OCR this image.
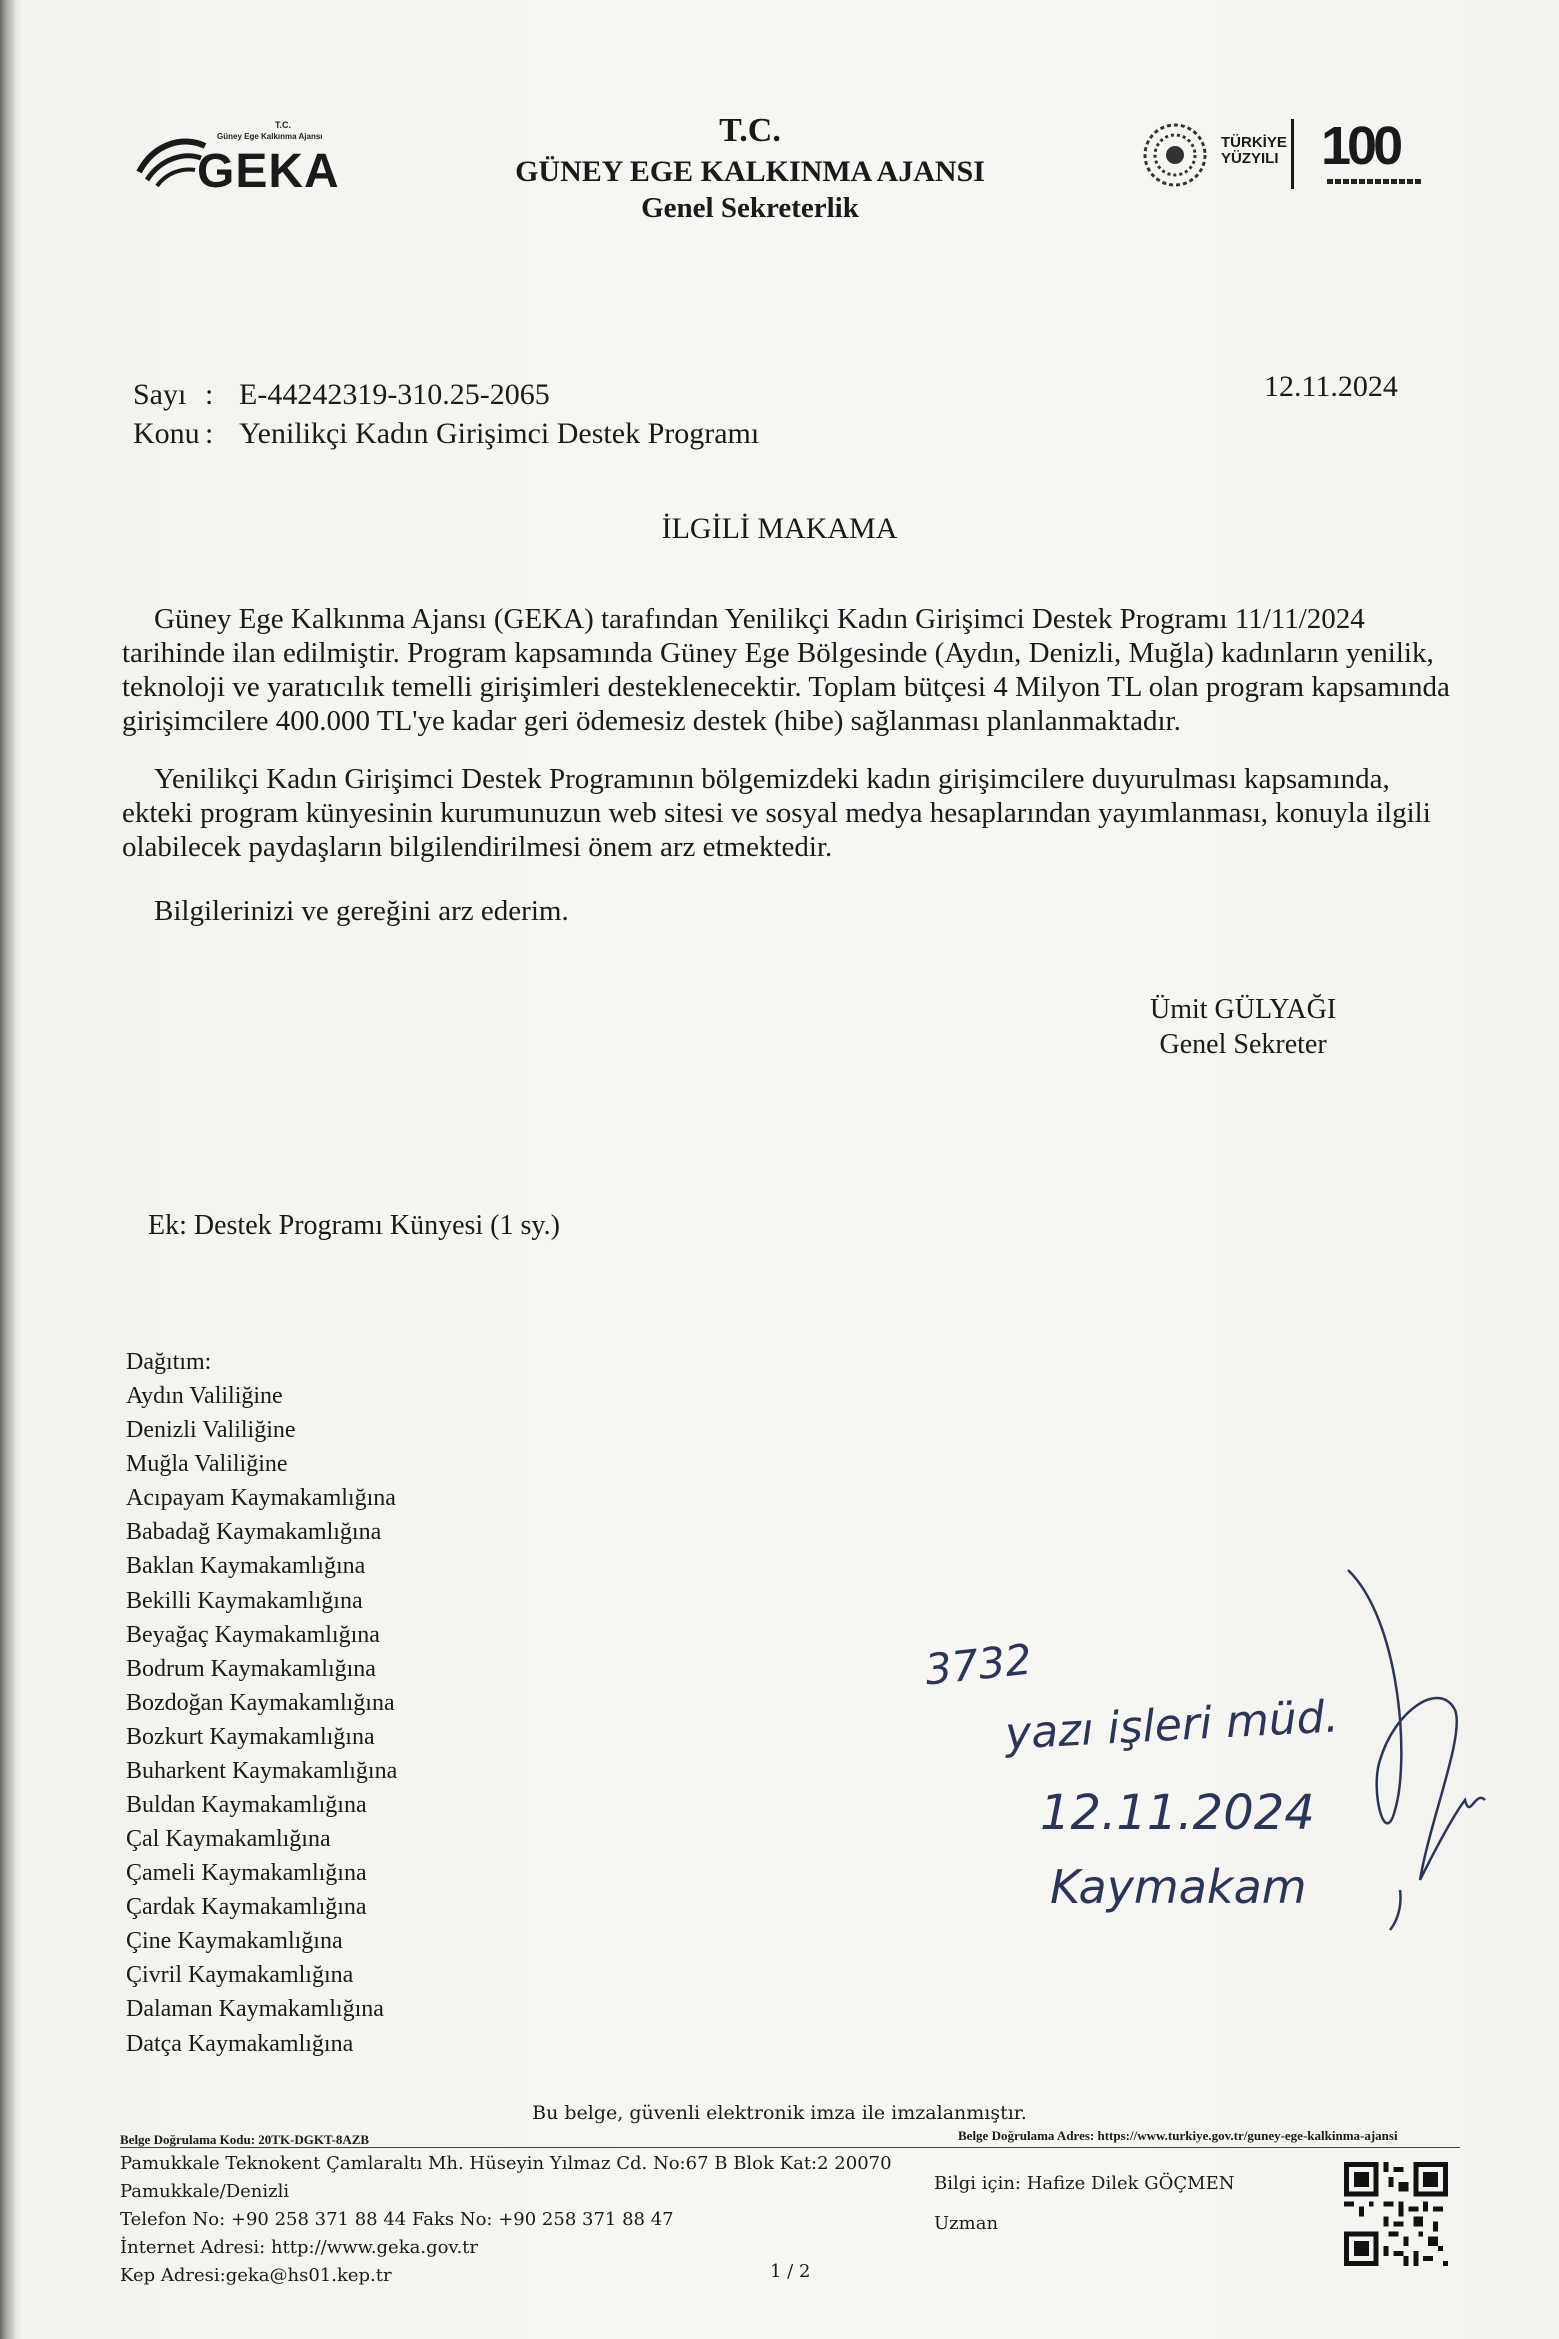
T.C.
Güney Ege Kalkınma Ajansı
GEKA
T.C.
GÜNEY EGE KALKINMA AJANSI
Genel Sekreterlik
TÜRKİYE
YÜZYILI 100
Sayı : E-44242319-310.25-2065
Konu : Yenilikçi Kadın Girişimci Destek Programı
12.11.2024
İLGİLİ MAKAMA

Güney Ege Kalkınma Ajansı (GEKA) tarafından Yenilikçi Kadın Girişimci Destek Programı 11/11/2024 tarihinde ilan edilmiştir. Program kapsamında Güney Ege Bölgesinde (Aydın, Denizli, Muğla) kadınların yenilik, teknoloji ve yaratıcılık temelli girişimleri desteklenecektir. Toplam bütçesi 4 Milyon TL olan program kapsamında girişimcilere 400.000 TL'ye kadar geri ödemesiz destek (hibe) sağlanması planlanmaktadır.

Yenilikçi Kadın Girişimci Destek Programının bölgemizdeki kadın girişimcilere duyurulması kapsamında, ekteki program künyesinin kurumunuzun web sitesi ve sosyal medya hesaplarından yayımlanması, konuyla ilgili olabilecek paydaşların bilgilendirilmesi önem arz etmektedir.

Bilgilerinizi ve gereğini arz ederim.
Ümit GÜLYAĞI
Genel Sekreter
Ek: Destek Programı Künyesi (1 sy.)
Dağıtım:
Aydın Valiliğine
Denizli Valiliğine
Muğla Valiliğine
Acıpayam Kaymakamlığına
Babadağ Kaymakamlığına
Baklan Kaymakamlığına
Bekilli Kaymakamlığına
Beyağaç Kaymakamlığına
Bodrum Kaymakamlığına
Bozdoğan Kaymakamlığına
Bozkurt Kaymakamlığına
Buharkent Kaymakamlığına
Buldan Kaymakamlığına
Çal Kaymakamlığına
Çameli Kaymakamlığına
Çardak Kaymakamlığına
Çine Kaymakamlığına
Çivril Kaymakamlığına
Dalaman Kaymakamlığına
Datça Kaymakamlığına
3732
yazı işleri müd.
12.11.2024
Kaymakam
Bu belge, güvenli elektronik imza ile imzalanmıştır.
Belge Doğrulama Kodu: 20TK-DGKT-8AZB	Belge Doğrulama Adres: https://www.turkiye.gov.tr/guney-ege-kalkinma-ajansi
Pamukkale Teknokent Çamlaraltı Mh. Hüseyin Yılmaz Cd. No:67 B Blok Kat:2 20070
Pamukkale/Denizli
Telefon No: +90 258 371 88 44 Faks No: +90 258 371 88 47
İnternet Adresi: http://www.geka.gov.tr
Kep Adresi:geka@hs01.kep.tr	1 / 2
Bilgi için: Hafize Dilek GÖÇMEN
Uzman
